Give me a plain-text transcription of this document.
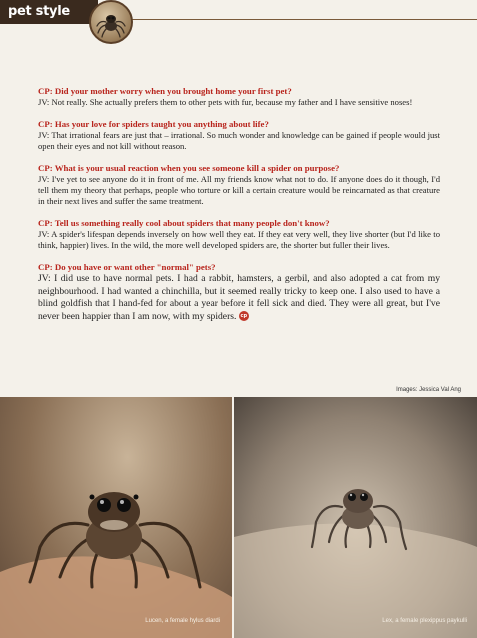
pet style
CP: Did your mother worry when you brought home your first pet?
JV: Not really. She actually prefers them to other pets with fur, because my father and I have sensitive noses!
CP: Has your love for spiders taught you anything about life?
JV: That irrational fears are just that – irrational. So much wonder and knowledge can be gained if people would just open their eyes and not kill without reason.
CP: What is your usual reaction when you see someone kill a spider on purpose?
JV: I've yet to see anyone do it in front of me. All my friends know what not to do. If anyone does do it though, I'd tell them my theory that perhaps, people who torture or kill a certain creature would be reincarnated as that creature in their next lives and suffer the same treatment.
CP: Tell us something really cool about spiders that many people don't know?
JV: A spider's lifespan depends inversely on how well they eat. If they eat very well, they live shorter (but I'd like to think, happier) lives. In the wild, the more well developed spiders are, the shorter but fuller their lives.
CP: Do you have or want other "normal" pets?
JV: I did use to have normal pets. I had a rabbit, hamsters, a gerbil, and also adopted a cat from my neighbourhood. I had wanted a chinchilla, but it seemed really tricky to keep one. I also used to have a blind goldfish that I hand-fed for about a year before it fell sick and died. They were all great, but I've never been happier than I am now, with my spiders. cp
Images: Jessica Val Ang
Lucen, a female hylus diardi	Lex, a female plexippus paykulli
